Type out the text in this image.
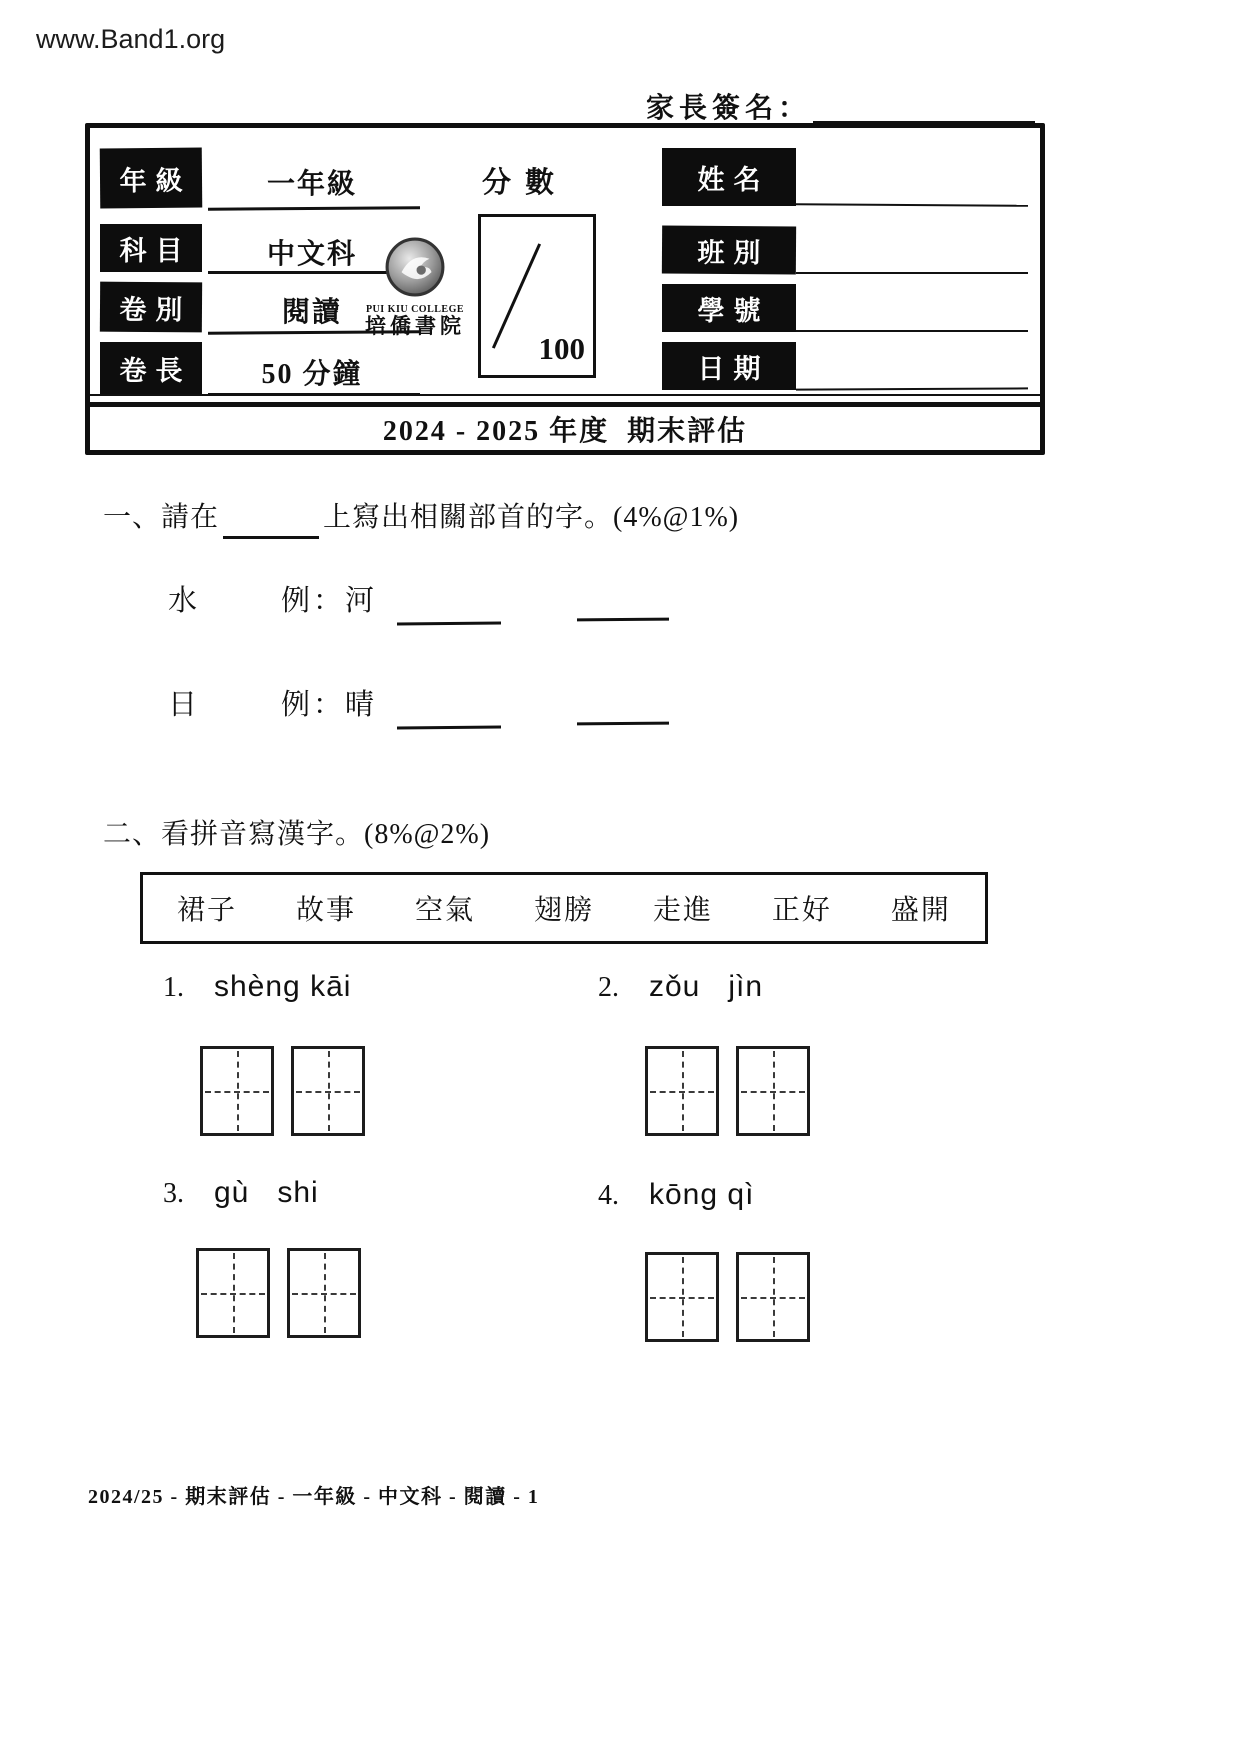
www.Band1.org
家長簽名：
年級	一年級
科目	中文科
卷別	閱讀
卷長	50 分鐘
分數
100
PUI KIU COLLEGE
培僑書院
姓名
班別
學號
日期
2024 - 2025 年度  期末評估
一、請在	上寫出相關部首的字。(4%@1%)
水	例：河
日	例：晴
二、看拼音寫漢字。(8%@2%)
裙子 故事 空氣 翅膀 走進 正好 盛開
1. shèng kāi	2. zǒu   jìn
3. gù   shi	4. kōng qì
2024/25 - 期末評估 - 一年級 - 中文科 - 閱讀 - 1
